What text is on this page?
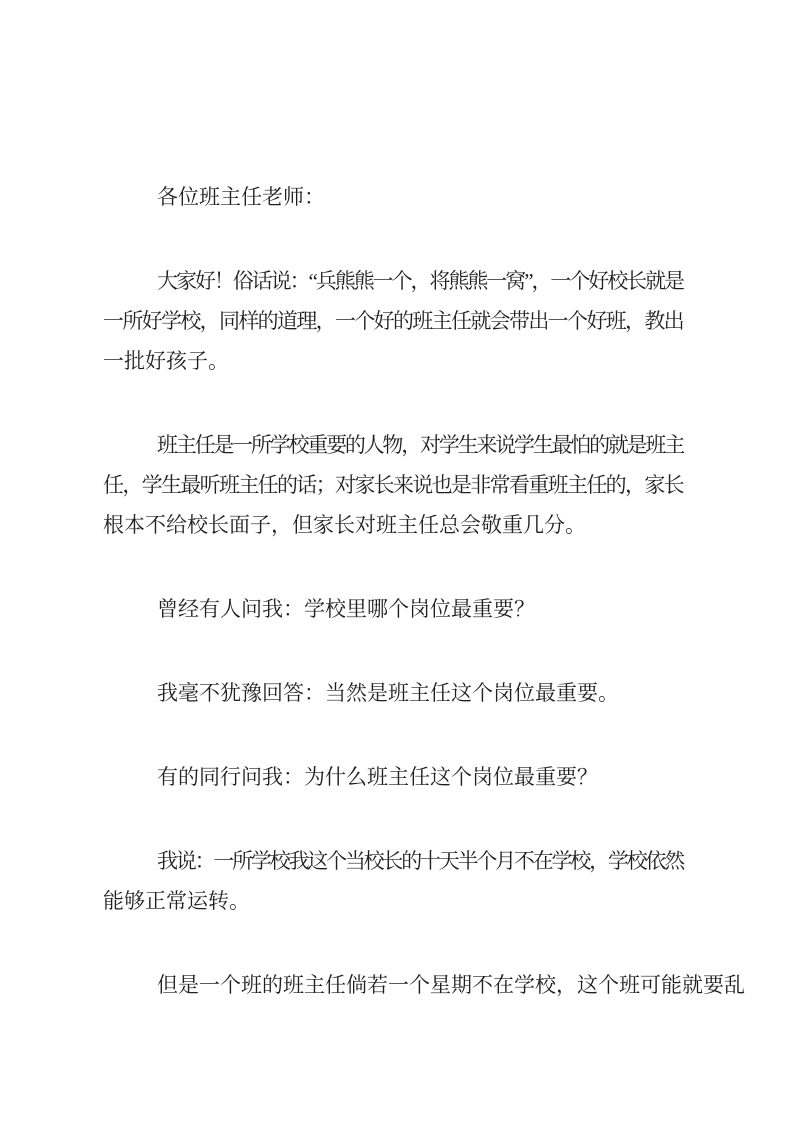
各位班主任老师：

大家好！俗话说：“兵熊熊一个，将熊熊一窝”，一个好校长就是
一所好学校，同样的道理，一个好的班主任就会带出一个好班，教出
一批好孩子。

班主任是一所学校重要的人物，对学生来说学生最怕的就是班主
任，学生最听班主任的话；对家长来说也是非常看重班主任的，家长
根本不给校长面子，但家长对班主任总会敬重几分。

曾经有人问我：学校里哪个岗位最重要？

我毫不犹豫回答：当然是班主任这个岗位最重要。

有的同行问我：为什么班主任这个岗位最重要？

我说：一所学校我这个当校长的十天半个月不在学校，学校依然
能够正常运转。

但是一个班的班主任倘若一个星期不在学校，这个班可能就要乱
